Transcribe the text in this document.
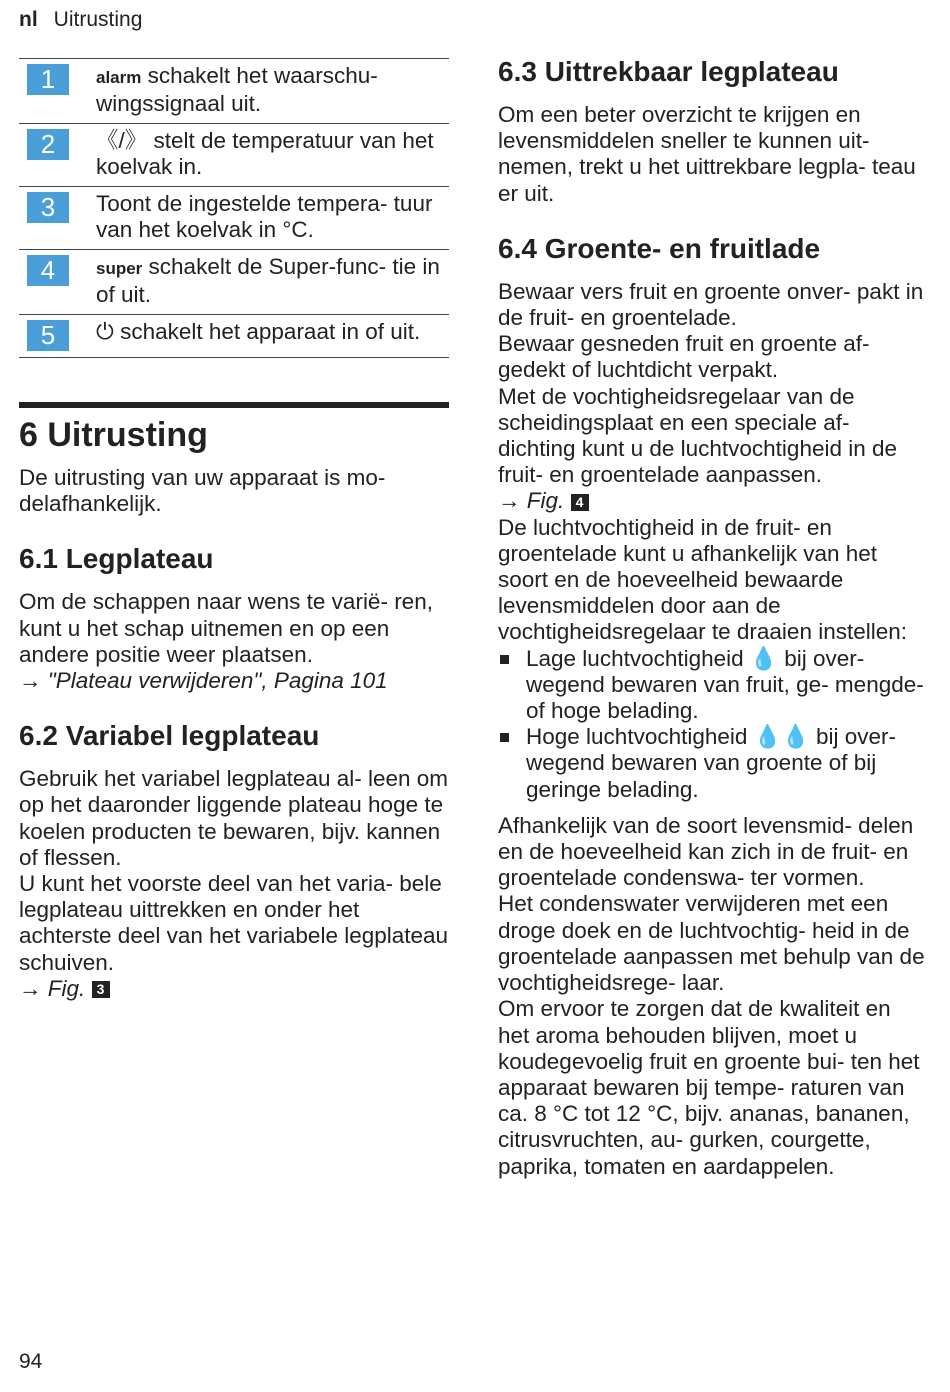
nl Uitrusting
1	alarm schakelt het waarschu- wingssignaal uit.
2	《/》 stelt de temperatuur van het koelvak in.
3	Toont de ingestelde tempera- tuur van het koelvak in °C.
4	super schakelt de Super-func- tie in of uit.
5	⏻ schakelt het apparaat in of uit.
6 Uitrusting

De uitrusting van uw apparaat is mo- delafhankelijk.

6.1 Legplateau

Om de schappen naar wens te varië- ren, kunt u het schap uitnemen en op een andere positie weer plaatsen.

→ "Plateau verwijderen", Pagina 101

6.2 Variabel legplateau

Gebruik het variabel legplateau al- leen om op het daaronder liggende plateau hoge te koelen producten te bewaren, bijv. kannen of flessen.

U kunt het voorste deel van het varia- bele legplateau uittrekken en onder het achterste deel van het variabele legplateau schuiven.

→ Fig. 3

6.3 Uittrekbaar legplateau

Om een beter overzicht te krijgen en levensmiddelen sneller te kunnen uit- nemen, trekt u het uittrekbare legpla- teau er uit.

6.4 Groente- en fruitlade

Bewaar vers fruit en groente onver- pakt in de fruit- en groentelade.

Bewaar gesneden fruit en groente af- gedekt of luchtdicht verpakt.

Met de vochtigheidsregelaar van de scheidingsplaat en een speciale af- dichting kunt u de luchtvochtigheid in de fruit- en groentelade aanpassen.

→ Fig. 4

De luchtvochtigheid in de fruit- en groentelade kunt u afhankelijk van het soort en de hoeveelheid bewaarde levensmiddelen door aan de vochtigheidsregelaar te draaien instellen:

Lage luchtvochtigheid 💧 bij over- wegend bewaren van fruit, ge- mengde- of hoge belading.
Hoge luchtvochtigheid 💧💧 bij over- wegend bewaren van groente of bij geringe belading.

Afhankelijk van de soort levensmid- delen en de hoeveelheid kan zich in de fruit- en groentelade condenswa- ter vormen.

Het condenswater verwijderen met een droge doek en de luchtvochtig- heid in de groentelade aanpassen met behulp van de vochtigheidsrege- laar.

Om ervoor te zorgen dat de kwaliteit en het aroma behouden blijven, moet u koudegevoelig fruit en groente bui- ten het apparaat bewaren bij tempe- raturen van ca. 8 °C tot 12 °C, bijv. ananas, bananen, citrusvruchten, au- gurken, courgette, paprika, tomaten en aardappelen.

94
